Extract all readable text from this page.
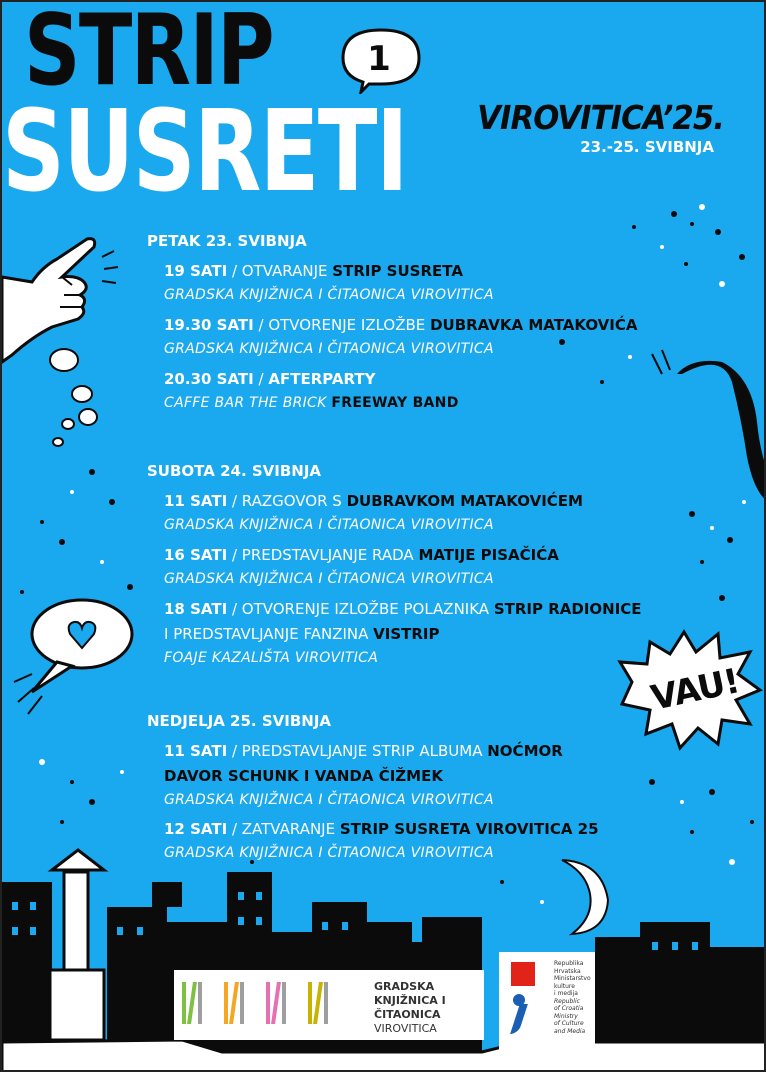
STRIP
SUSRETI
1
VIROVITICA’25.
23.-25. SVIBNJA
PETAK 23. SVIBNJA
19 SATI / OTVARANJE STRIP SUSRETA
GRADSKA KNJIŽNICA I ČITAONICA VIROVITICA
19.30 SATI / OTVORENJE IZLOŽBE DUBRAVKA MATAKOVIĆA
GRADSKA KNJIŽNICA I ČITAONICA VIROVITICA
20.30 SATI / AFTERPARTY
CAFFE BAR THE BRICK FREEWAY BAND
SUBOTA 24. SVIBNJA
11 SATI / RAZGOVOR S DUBRAVKOM MATAKOVIĆEM
GRADSKA KNJIŽNICA I ČITAONICA VIROVITICA
16 SATI / PREDSTAVLJANJE RADA MATIJE PISAČIĆA
GRADSKA KNJIŽNICA I ČITAONICA VIROVITICA
18 SATI / OTVORENJE IZLOŽBE POLAZNIKA STRIP RADIONICE
I PREDSTAVLJANJE FANZINA VISTRIP
FOAJE KAZALIŠTA VIROVITICA
NEDJELJA 25. SVIBNJA
11 SATI / PREDSTAVLJANJE STRIP ALBUMA NOĆMOR
DAVOR SCHUNK I VANDA ČIŽMEK
GRADSKA KNJIŽNICA I ČITAONICA VIROVITICA
12 SATI / ZATVARANJE STRIP SUSRETA VIROVITICA 25
GRADSKA KNJIŽNICA I ČITAONICA VIROVITICA
VAU!
GRADSKA
KNJIŽNICA I
ČITAONICA
VIROVITICA
Republika
Hrvatska
Ministarstvo
kulture
i medija
Republic
of Croatia
Ministry
of Culture
and Media
